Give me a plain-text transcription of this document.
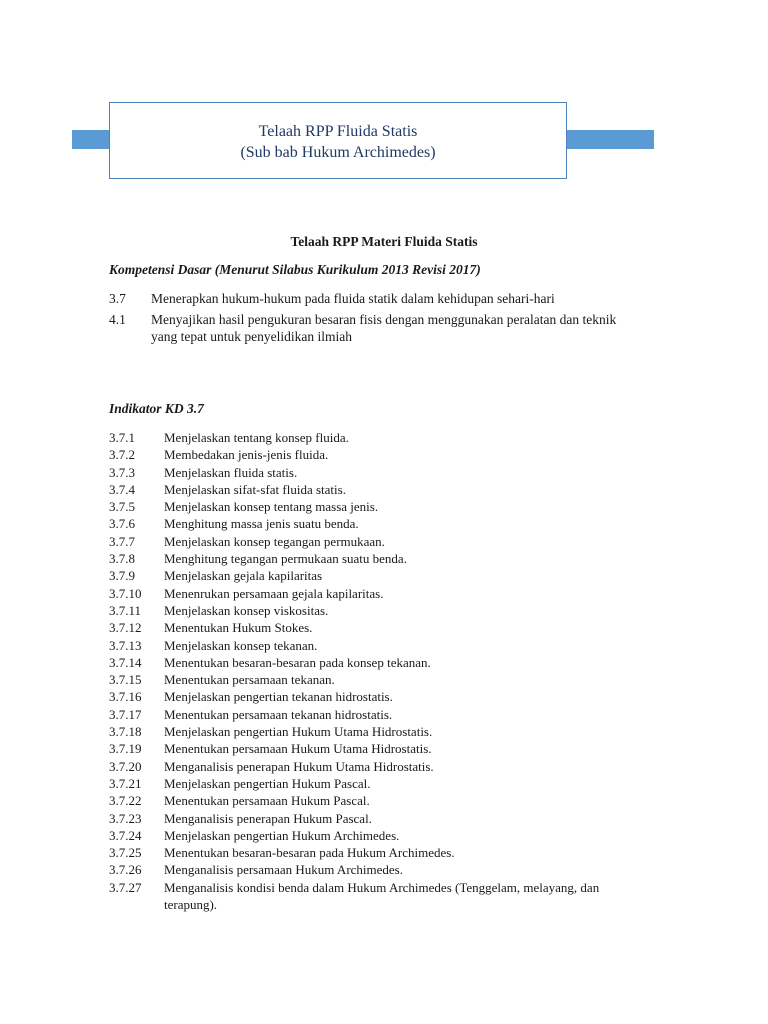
Telaah RPP Fluida Statis
(Sub bab Hukum Archimedes)
Telaah RPP Materi Fluida Statis
Kompetensi Dasar (Menurut Silabus Kurikulum 2013 Revisi 2017)
3.7	Menerapkan hukum-hukum pada fluida statik dalam kehidupan sehari-hari
4.1	Menyajikan hasil pengukuran besaran fisis dengan menggunakan peralatan dan teknik yang tepat untuk penyelidikan ilmiah
Indikator KD 3.7
3.7.1	Menjelaskan tentang konsep fluida.
3.7.2	Membedakan jenis-jenis fluida.
3.7.3	Menjelaskan fluida statis.
3.7.4	Menjelaskan sifat-sfat fluida statis.
3.7.5	Menjelaskan konsep tentang massa jenis.
3.7.6	Menghitung massa jenis suatu benda.
3.7.7	Menjelaskan konsep tegangan permukaan.
3.7.8	Menghitung tegangan permukaan suatu benda.
3.7.9	Menjelaskan gejala kapilaritas
3.7.10	Menenrukan persamaan gejala kapilaritas.
3.7.11	Menjelaskan konsep viskositas.
3.7.12	Menentukan Hukum Stokes.
3.7.13	Menjelaskan konsep tekanan.
3.7.14	Menentukan besaran-besaran pada konsep tekanan.
3.7.15	Menentukan persamaan tekanan.
3.7.16	Menjelaskan pengertian tekanan hidrostatis.
3.7.17	Menentukan persamaan tekanan hidrostatis.
3.7.18	Menjelaskan pengertian Hukum Utama Hidrostatis.
3.7.19	Menentukan persamaan Hukum Utama Hidrostatis.
3.7.20	Menganalisis penerapan Hukum Utama Hidrostatis.
3.7.21	Menjelaskan pengertian Hukum Pascal.
3.7.22	Menentukan persamaan Hukum Pascal.
3.7.23	Menganalisis penerapan Hukum Pascal.
3.7.24	Menjelaskan pengertian Hukum Archimedes.
3.7.25	Menentukan besaran-besaran pada Hukum Archimedes.
3.7.26	Menganalisis persamaan Hukum Archimedes.
3.7.27	Menganalisis kondisi benda dalam Hukum Archimedes (Tenggelam, melayang, dan terapung).
